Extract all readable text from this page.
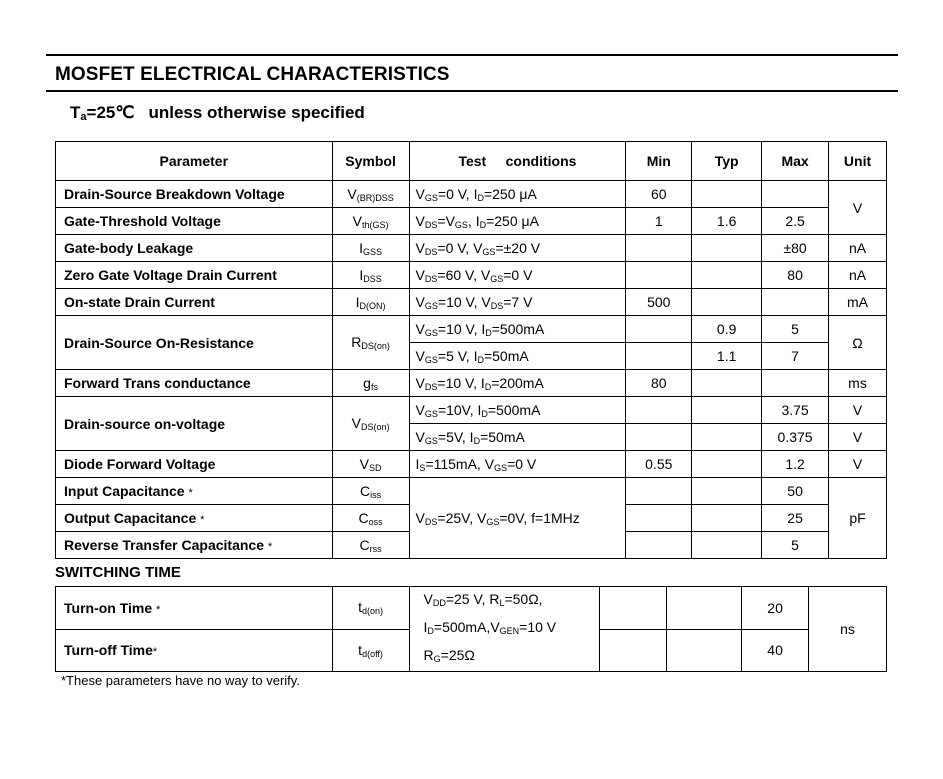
MOSFET ELECTRICAL CHARACTERISTICS
$T_a=25℃$ unless otherwise specified
Parameter	Symbol	Test     conditions	Min	Typ	Max	Unit
Drain-Source Breakdown Voltage	$V_{(BR)DSS}$	$V_{GS}=0$ V, $I_D=250$ μA	60			V
Gate-Threshold Voltage	$V_{th(GS)}$	$V_{DS}=V_{GS}$, $I_D=250$ μA	1	1.6	2.5	
Gate-body Leakage	$I_{GSS}$	$V_{DS}=0$ V, $V_{GS}=\pm 20$ V			±80	nA
Zero Gate Voltage Drain Current	$I_{DSS}$	$V_{DS}=60$ V, $V_{GS}=0$ V			80	nA
On-state Drain Current	$I_{D(ON)}$	$V_{GS}=10$ V, $V_{DS}=7$ V	500			mA
Drain-Source On-Resistance	$R_{DS(on)}$	$V_{GS}=10$ V, $I_D=500mA$		0.9	5	Ω
		$V_{GS}=5$ V, $I_D=50mA$		1.1	7	
Forward Trans conductance	$g_{fs}$	$V_{DS}=10$ V, $I_D=200mA$	80			ms
Drain-source on-voltage	$V_{DS(on)}$	$V_{GS}=10V$, $I_D=500mA$			3.75	V
		$V_{GS}=5V$, $I_D=50mA$			0.375	V
Diode Forward Voltage	$V_{SD}$	$I_S=115mA$, $V_{GS}=0$ V	0.55		1.2	V
Input Capacitance *	$C_{iss}$	$V_{DS}=25V$, $V_{GS}=0V$, f=1MHz			50	pF
Output Capacitance *	$C_{oss}$				25	
Reverse Transfer Capacitance *	$C_{rss}$				5	
SWITCHING TIME
Turn-on Time *	$t_{d(on)}$	$V_{DD}=25$ V, $R_L=50\Omega$,
$I_D=500mA,V_{GEN}=10$ V
$R_G=25\Omega$			20	ns
Turn-off Time*	$t_{d(off)}$				40	
*These parameters have no way to verify.
